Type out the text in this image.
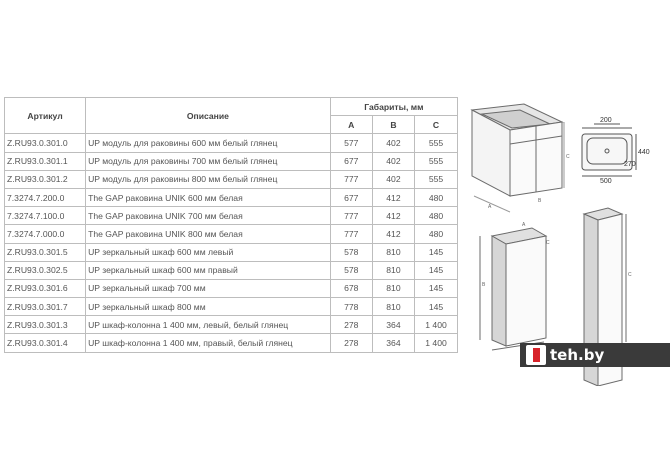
Артикул	Описание	Габариты, мм		
		A	B	C
Z.RU93.0.301.0	UP модуль для раковины 600 мм белый глянец	577	402	555
Z.RU93.0.301.1	UP модуль для раковины 700 мм белый глянец	677	402	555
Z.RU93.0.301.2	UP модуль для раковины 800 мм белый глянец	777	402	555
7.3274.7.200.0	The GAP раковина UNIK 600 мм белая	677	412	480
7.3274.7.100.0	The GAP раковина UNIK 700 мм белая	777	412	480
7.3274.7.000.0	The GAP раковина UNIK 800 мм белая	777	412	480
Z.RU93.0.301.5	UP зеркальный шкаф 600 мм левый	578	810	145
Z.RU93.0.302.5	UP зеркальный шкаф 600 мм правый	578	810	145
Z.RU93.0.301.6	UP зеркальный шкаф 700 мм	678	810	145
Z.RU93.0.301.7	UP зеркальный шкаф 800 мм	778	810	145
Z.RU93.0.301.3	UP шкаф-колонна 1 400 мм, левый, белый глянец	278	364	1 400
Z.RU93.0.301.4	UP шкаф-колонна 1 400 мм, правый, белый глянец	278	364	1 400
C
A
B
200
440
270
500
A
B
C
C
teh.by
